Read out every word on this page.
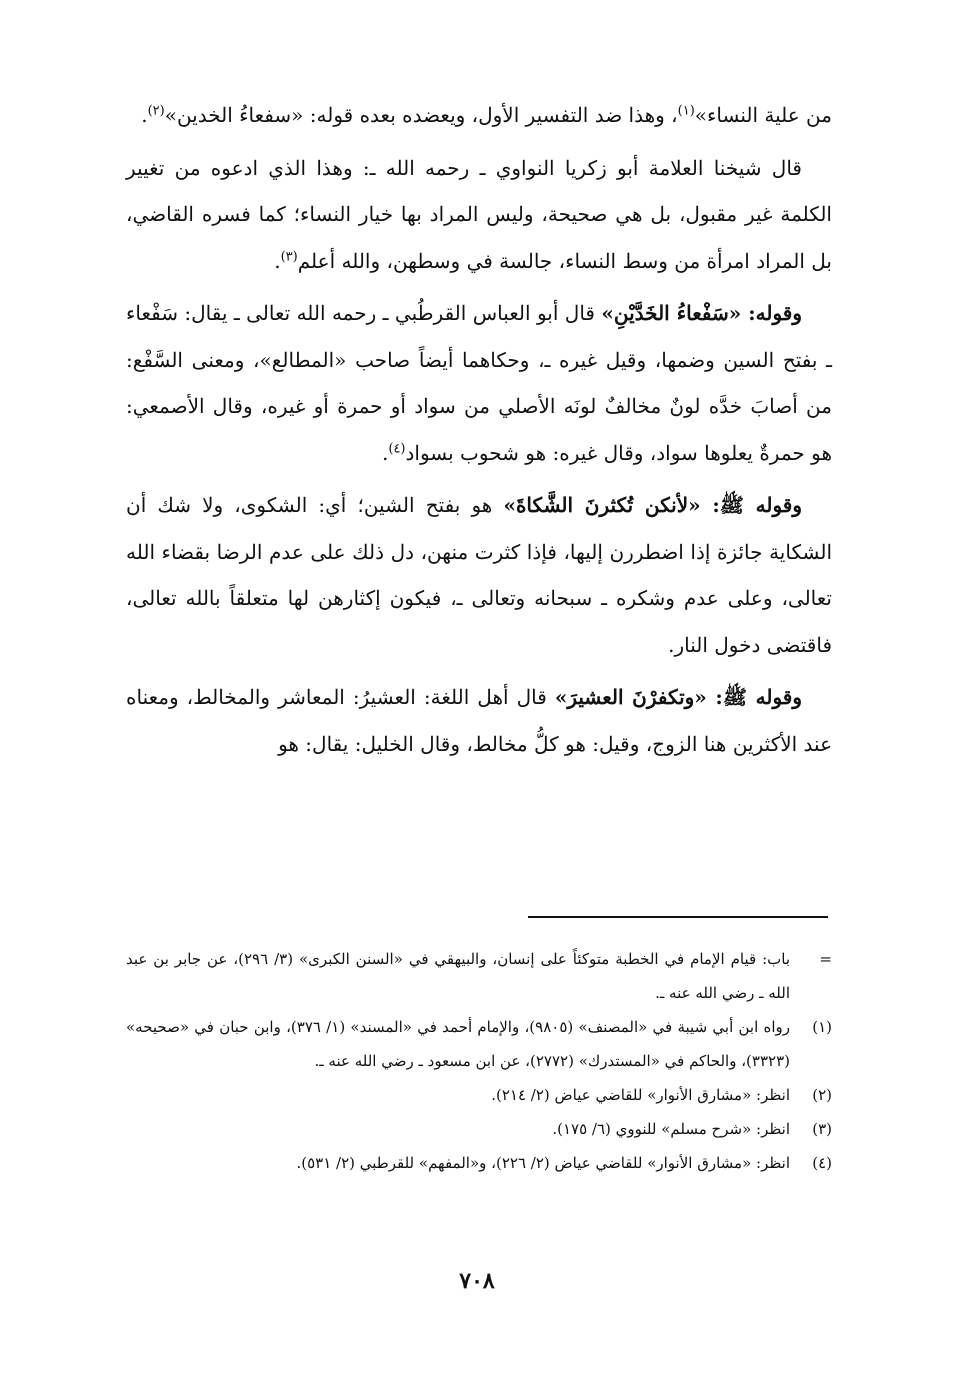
من علية النساء»$^{(١)}$، وهذا ضد التفسير الأول، ويعضده بعده قوله: «سفعاءُ الخدين»$^{(٢)}$.

قال شيخنا العلامة أبو زكريا النواوي ـ رحمه الله ـ: وهذا الذي ادعوه من تغيير الكلمة غير مقبول، بل هي صحيحة، وليس المراد بها خيار النساء؛ كما فسره القاضي، بل المراد امرأة من وسط النساء، جالسة في وسطهن، والله أعلم$^{(٣)}$.

وقوله: «سَفْعاءُ الخَدَّيْنِ» قال أبو العباس القرطُبي ـ رحمه الله تعالى ـ يقال: سَفْعاء ـ بفتح السين وضمها، وقيل غيره ـ، وحكاهما أيضاً صاحب «المطالع»، ومعنى السَّفْع: من أصابَ خدَّه لونٌ مخالفٌ لونَه الأصلي من سواد أو حمرة أو غيره، وقال الأصمعي: هو حمرةٌ يعلوها سواد، وقال غيره: هو شحوب بسواد$^{(٤)}$.

وقوله ﷺ: «لأنكن تُكثرنَ الشَّكاةَ» هو بفتح الشين؛ أي: الشكوى، ولا شك أن الشكاية جائزة إذا اضطررن إليها، فإذا كثرت منهن، دل ذلك على عدم الرضا بقضاء الله تعالى، وعلى عدم وشكره ـ سبحانه وتعالى ـ، فيكون إكثارهن لها متعلقاً بالله تعالى، فاقتضى دخول النار.

وقوله ﷺ: «وتكفرْنَ العشيرَ» قال أهل اللغة: العشيرُ: المعاشر والمخالط، ومعناه عند الأكثرين هنا الزوج، وقيل: هو كلُّ مخالط، وقال الخليل: يقال: هو

=
باب: قيام الإمام في الخطبة متوكئاً على إنسان، والبيهقي في «السنن الكبرى» (٣/ ٢٩٦)، عن جابر بن عبد الله ـ رضي الله عنه ـ.
(١)
رواه ابن أبي شيبة في «المصنف» (٩٨٠٥)، والإمام أحمد في «المسند» (١/ ٣٧٦)، وابن حبان في «صحيحه» (٣٣٢٣)، والحاكم في «المستدرك» (٢٧٧٢)، عن ابن مسعود ـ رضي الله عنه ـ.
(٢)
انظر: «مشارق الأنوار» للقاضي عياض (٢/ ٢١٤).
(٣)
انظر: «شرح مسلم» للنووي (٦/ ١٧٥).
(٤)
انظر: «مشارق الأنوار» للقاضي عياض (٢/ ٢٢٦)، و«المفهم» للقرطبي (٢/ ٥٣١).
٧٠٨
